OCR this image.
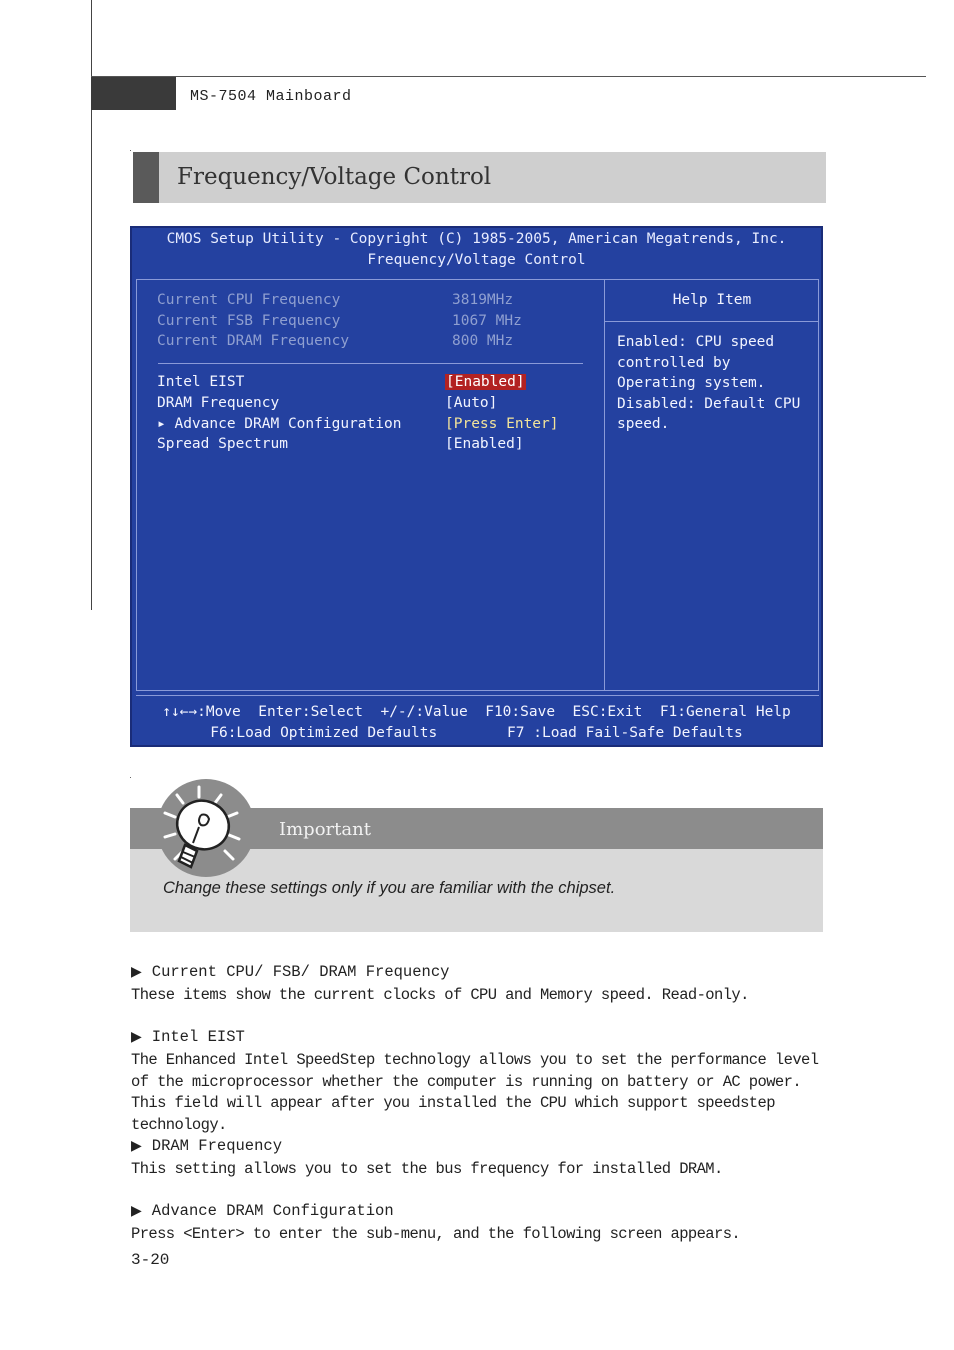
MS-7504 Mainboard
Frequency/Voltage Control
CMOS Setup Utility - Copyright (C) 1985-2005, American Megatrends, Inc.
Frequency/Voltage Control
Current CPU Frequency	3819MHz
Current FSB Frequency	1067 MHz
Current DRAM Frequency	800 MHz
Intel EIST	[Enabled]
DRAM Frequency	[Auto]
▸ Advance DRAM Configuration	[Press Enter]
Spread Spectrum	[Enabled]
Help Item
Enabled: CPU speed
controlled by
Operating system.
Disabled: Default CPU
speed.
↑↓←→:Move  Enter:Select  +/-/:Value  F10:Save  ESC:Exit  F1:General Help
F6:Load Optimized Defaults        F7 :Load Fail-Safe Defaults
Important
Change these settings only if you are familiar with the chipset.
▶ Current CPU/ FSB/ DRAM Frequency
These items show the current clocks of CPU and Memory speed. Read-only.
▶ Intel EIST
The Enhanced Intel SpeedStep technology allows you to set the performance level of the microprocessor whether the computer is running on battery or AC power. This field will appear after you installed the CPU which support speedstep technology.
▶ DRAM Frequency
This setting allows you to set the bus frequency for installed DRAM.
▶ Advance DRAM Configuration
Press <Enter> to enter the sub-menu, and the following screen appears.
3-20
